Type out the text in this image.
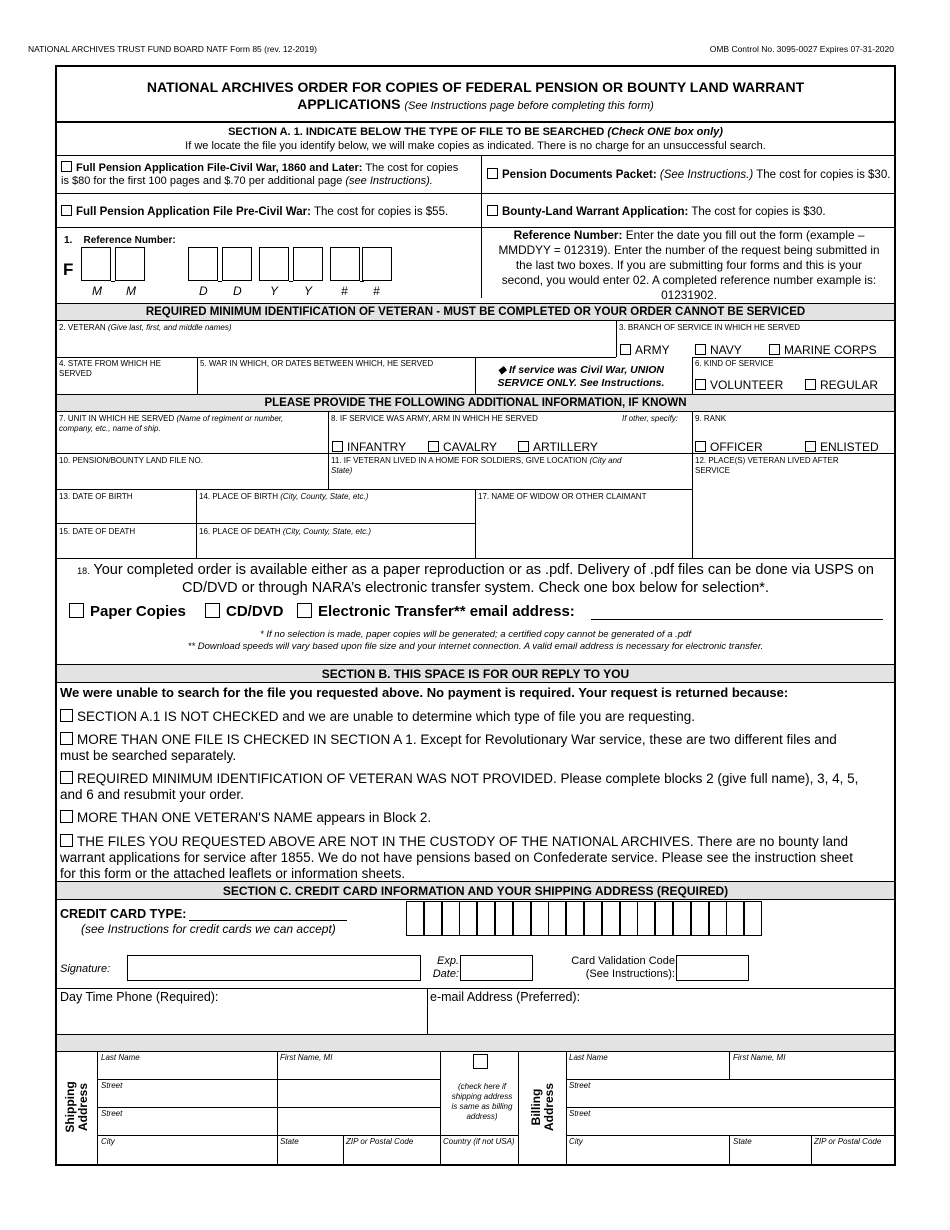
NATIONAL ARCHIVES TRUST FUND BOARD NATF Form 85 (rev. 12-2019)	OMB Control No. 3095-0027 Expires 07-31-2020
NATIONAL ARCHIVES ORDER FOR COPIES OF FEDERAL PENSION OR BOUNTY LAND WARRANT
APPLICATIONS (See Instructions page before completing this form)
SECTION A. 1. INDICATE BELOW THE TYPE OF FILE TO BE SEARCHED (Check ONE box only)
If we locate the file you identify below, we will make copies as indicated. There is no charge for an unsuccessful search.
Full Pension Application File-Civil War, 1860 and Later: The cost for copies
is $80 for the first 100 pages and $.70 per additional page (see Instructions).	Pension Documents Packet: (See Instructions.) The cost for copies is $30.
Full Pension Application File Pre-Civil War: The cost for copies is $55.	Bounty-Land Warrant Application: The cost for copies is $30.
1. Reference Number:
F
Reference Number: Enter the date you fill out the form (example –
MMDDYY = 012319). Enter the number of the request being submitted in
the last two boxes. If you are submitting four forms and this is your
second, you would enter 02. A completed reference number example is:
01231902.
REQUIRED MINIMUM IDENTIFICATION OF VETERAN - MUST BE COMPLETED OR YOUR ORDER CANNOT BE SERVICED
2. VETERAN (Give last, first, and middle names)	3. BRANCH OF SERVICE IN WHICH HE SERVED
ARMY	NAVY	MARINE CORPS
4. STATE FROM WHICH HE
SERVED
5. WAR IN WHICH, OR DATES BETWEEN WHICH, HE SERVED
◆ If service was Civil War, UNION
SERVICE ONLY. See Instructions.
6. KIND OF SERVICE
VOLUNTEER	REGULAR
PLEASE PROVIDE THE FOLLOWING ADDITIONAL INFORMATION, IF KNOWN
7. UNIT IN WHICH HE SERVED (Name of regiment or number,
company, etc., name of ship.
8. IF SERVICE WAS ARMY, ARM IN WHICH HE SERVED	If other, specify:
INFANTRY	CAVALRY	ARTILLERY
9. RANK
OFFICER	ENLISTED
10. PENSION/BOUNTY LAND FILE NO.	11. IF VETERAN LIVED IN A HOME FOR SOLDIERS, GIVE LOCATION (City and
State)
12. PLACE(S) VETERAN LIVED AFTER
SERVICE
13. DATE OF BIRTH	14. PLACE OF BIRTH (City, County, State, etc.)	17. NAME OF WIDOW OR OTHER CLAIMANT
15. DATE OF DEATH	16. PLACE OF DEATH (City, County, State, etc.)
18. Your completed order is available either as a paper reproduction or as .pdf. Delivery of .pdf files can be done via USPS on
CD/DVD or through NARA’s electronic transfer system. Check one box below for selection*.
Paper Copies	CD/DVD	Electronic Transfer** email address:
* If no selection is made, paper copies will be generated; a certified copy cannot be generated of a .pdf
** Download speeds will vary based upon file size and your internet connection. A valid email address is necessary for electronic transfer.
SECTION B. THIS SPACE IS FOR OUR REPLY TO YOU
We were unable to search for the file you requested above. No payment is required. Your request is returned because:
SECTION A.1 IS NOT CHECKED and we are unable to determine which type of file you are requesting.
MORE THAN ONE FILE IS CHECKED IN SECTION A 1. Except for Revolutionary War service, these are two different files and
must be searched separately.
REQUIRED MINIMUM IDENTIFICATION OF VETERAN WAS NOT PROVIDED. Please complete blocks 2 (give full name), 3, 4, 5,
and 6 and resubmit your order.
MORE THAN ONE VETERAN'S NAME appears in Block 2.
THE FILES YOU REQUESTED ABOVE ARE NOT IN THE CUSTODY OF THE NATIONAL ARCHIVES. There are no bounty land
warrant applications for service after 1855. We do not have pensions based on Confederate service. Please see the instruction sheet
for this form or the attached leaflets or information sheets.
SECTION C. CREDIT CARD INFORMATION AND YOUR SHIPPING ADDRESS (REQUIRED)
CREDIT CARD TYPE:
(see Instructions for credit cards we can accept)
Signature:
Exp.
Date:
Card Validation Code
(See Instructions):
Day Time Phone (Required):	e-mail Address (Preferred):
Shipping Address
Last Name	First Name, MI
Street
Street
City	State	ZIP or Postal Code
(check here if
shipping address
is same as billing
address)
Country (if not USA)
Billing Address
Last Name	First Name, MI
Street
Street
City	State	ZIP or Postal Code
M M	D D Y Y # #
